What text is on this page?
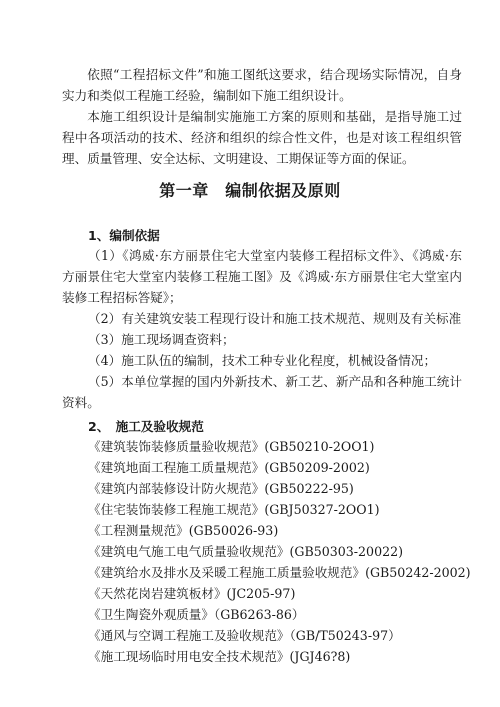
依照“工程招标文件”和施工图纸这要求，结合现场实际情况，自身实力和类似工程施工经验，编制如下施工组织设计。

本施工组织设计是编制实施施工方案的原则和基础，是指导施工过程中各项活动的技术、经济和组织的综合性文件，也是对该工程组织管理、质量管理、安全达标、文明建设、工期保证等方面的保证。

第一章　编制依据及原则
1、编制依据

（1）《鸿威·东方丽景住宅大堂室内装修工程招标文件》、《鸿威·东方丽景住宅大堂室内装修工程施工图》及《鸿威·东方丽景住宅大堂室内装修工程招标答疑》；

（2）有关建筑安装工程现行设计和施工技术规范、规则及有关标准

（3）施工现场调查资料；

（4）施工队伍的编制，技术工种专业化程度，机械设备情况；

（5）本单位掌握的国内外新技术、新工艺、新产品和各种施工统计资料。

2、　施工及验收规范

《建筑装饰装修质量验收规范》(GB50210-2OO1)

《建筑地面工程施工质量规范》(GB50209-2002)

《建筑内部装修设计防火规范》(GB50222-95)

《住宅装饰装修工程施工规范》(GBJ50327-2OO1)

《工程测量规范》(GB50026-93)

《建筑电气施工电气质量验收规范》(GB50303-20022)

《建筑给水及排水及采暖工程施工质量验收规范》(GB50242-2002)

《天然花岗岩建筑板材》(JC205-97)

《卫生陶瓷外观质量》（GB6263-86）

《通风与空调工程施工及验收规范》（GB/T50243-97）

《施工现场临时用电安全技术规范》(JGJ46?8)
